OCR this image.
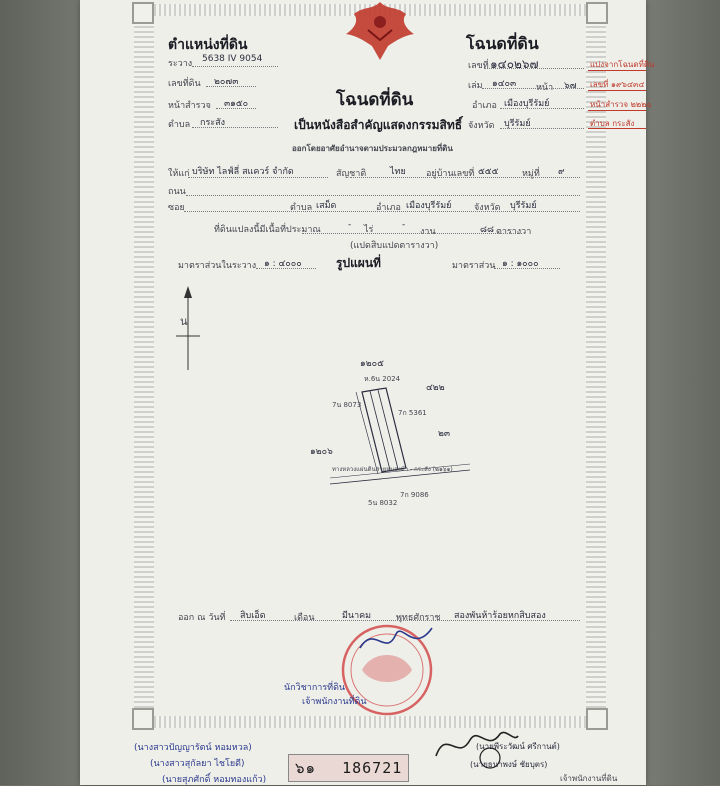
ตำแหน่งที่ดิน
ระวาง 5638 IV 9054
เลขที่ดิน ๒๐๗๓
หน้าสำรวจ ๓๑๕๐
ตำบล กระสัง
โฉนดที่ดิน
เลขที่ ๑๔๐๒๖๗
เล่ม ๑๔๐๓ หน้า ๖๗
อำเภอ เมืองบุรีรัมย์
จังหวัด บุรีรัมย์
โฉนดที่ดิน
เป็นหนังสือสำคัญแสดงกรรมสิทธิ์
ออกโดยอาศัยอำนาจตามประมวลกฎหมายที่ดิน
แบ่งจากโฉนดที่ดิน
เลขที่ ๑๙๖๔๓๔
หน้าสำรวจ ๒๒๒๐
ตำบล กระสัง
ให้แก่ บริษัท ไลฟ์ลี่ สแควร์ จำกัด	สัญชาติ	ไทย อยู่บ้านเลขที่ ๕๕๕	หมู่ที่ ๙
ถนน
ซอย	ตำบล เสม็ด	อำเภอ เมืองบุรีรัมย์	จังหวัด บุรีรัมย์
ที่ดินแปลงนี้มีเนื้อที่ประมาณ	- ไร่	-
งาน	๘๘ ตารางวา
(แปดสิบแปดตารางวา)
มาตราส่วนในระวาง ๑ : ๔๐๐๐	รูปแผนที่	มาตราส่วน ๑ : ๑๐๐๐
น
๑๒๐๕
ห.6น 2024
7น 8073
7ก 5361
๔๒๒
๒๓
๑๒๐๖
ทางหลวงแผ่นดินสายหนองม้า - กระสัง (๒๑๖๑)
5น 8032
7ก 9086
ออก ณ วันที่ สิบเอ็ด	เดือน	มีนาคม	พุทธศักราช สองพันห้าร้อยหกสิบสอง
นักวิชาการที่ดิน
เจ้าพนักงานที่ดิน
(นางสาวปัญญารัตน์ หอมหวล)
(นางสาวสุกัลยา ไชโยดี)
(นายสุภศักดิ์ หอมทองแก้ว)
๖๑ 186721
(นายพีระวัฒน์ ศรีกานต์)
(นายธนาพงษ์ ชัยบุตร)
เจ้าพนักงานที่ดิน
